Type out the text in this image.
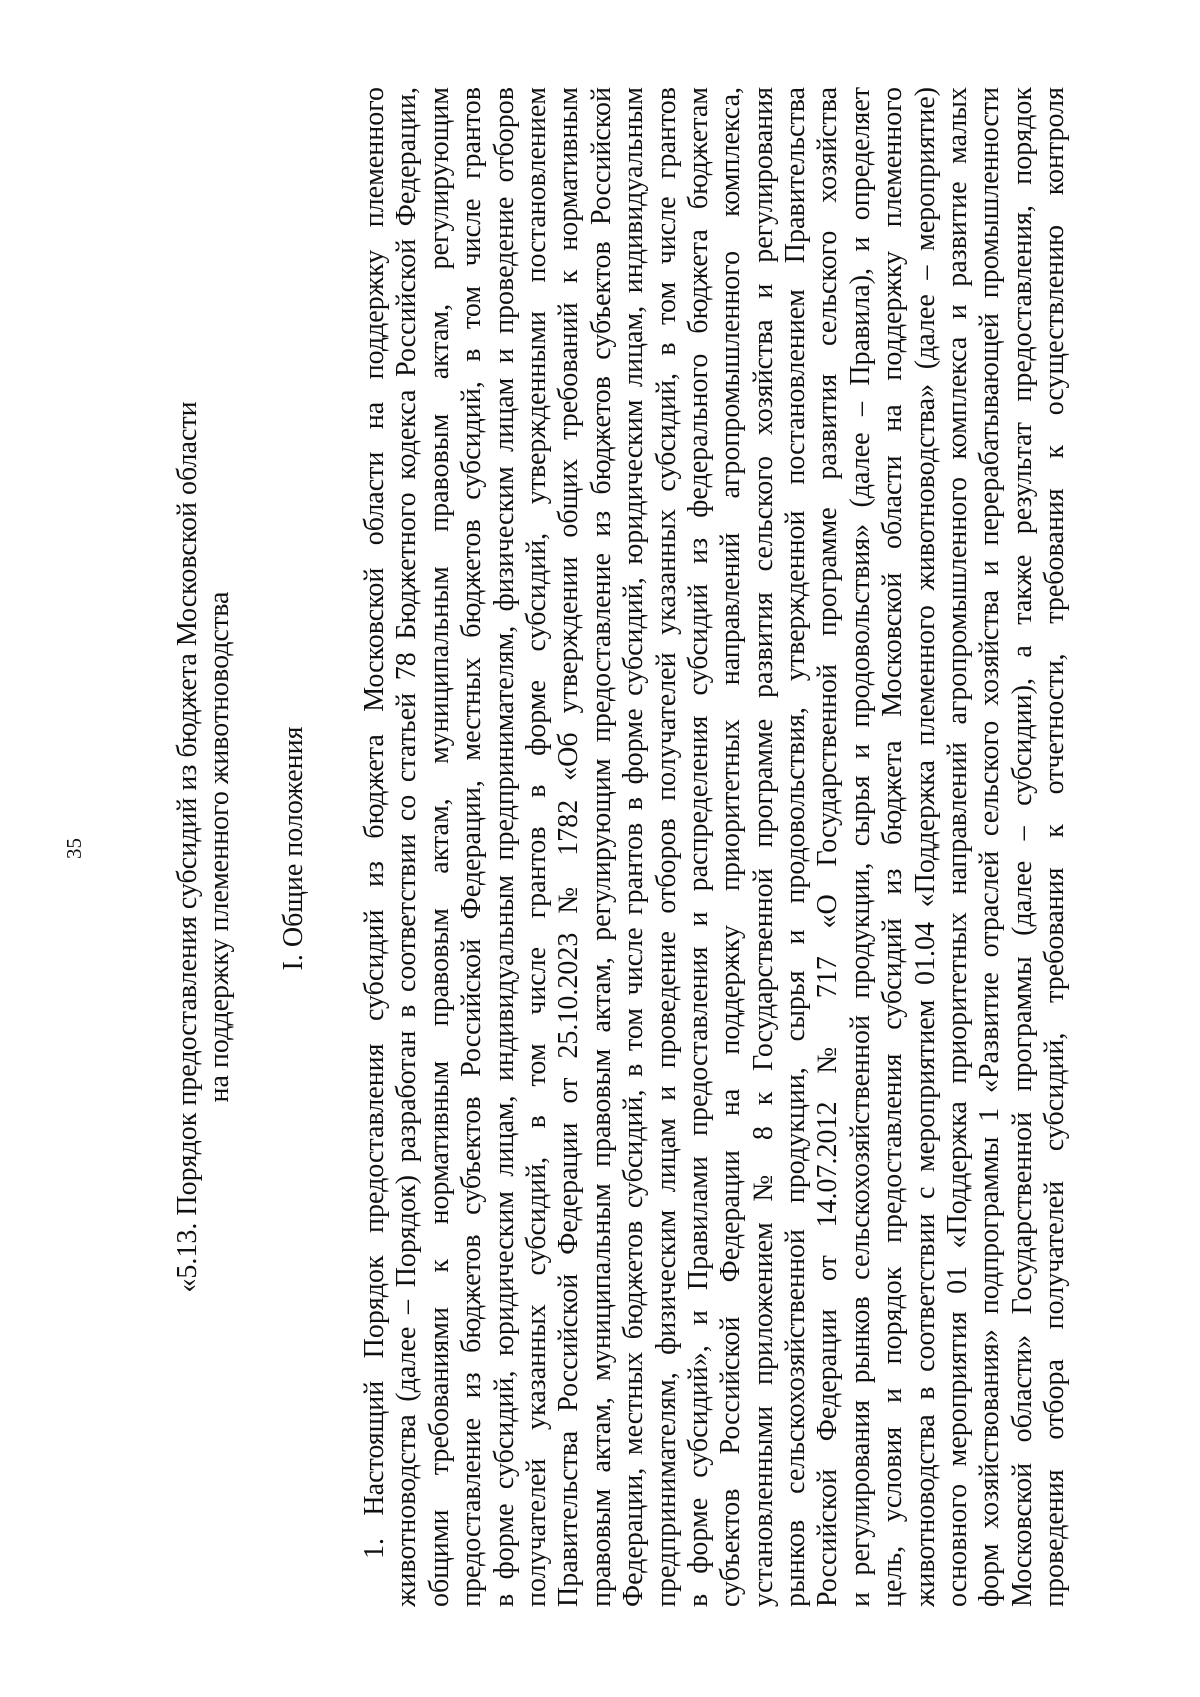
35	«5.13. Порядок предоставления субсидий из бюджета Московской области на поддержку племенного животноводства I. Общие положения 1. Настоящий Порядок предоставления субсидий из бюджета Московской области на поддержку племенного животноводства (далее – Порядок) разработан в соответствии со статьей 78 Бюджетного кодекса Российской Федерации, общими требованиями к нормативным правовым актам, муниципальным правовым актам, регулирующим предоставление из бюджетов субъектов Российской Федерации, местных бюджетов субсидий, в том числе грантов в форме субсидий, юридическим лицам, индивидуальным предпринимателям, физическим лицам и проведение отборов получателей указанных субсидий, в том числе грантов в форме субсидий, утвержденными постановлением Правительства Российской Федерации от 25.10.2023 № 1782 «Об утверждении общих требований к нормативным правовым актам, муниципальным правовым актам, регулирующим предоставление из бюджетов субъектов Российской Федерации, местных бюджетов субсидий, в том числе грантов в форме субсидий, юридическим лицам, индивидуальным предпринимателям, физическим лицам и проведение отборов получателей указанных субсидий, в том числе грантов в форме субсидий», и Правилами предоставления и распределения субсидий из федерального бюджета бюджетам субъектов Российской Федерации на поддержку приоритетных направлений агропромышленного комплекса, установленными приложением № 8 к Государственной программе развития сельского хозяйства и регулирования рынков сельскохозяйственной продукции, сырья и продовольствия, утвержденной постановлением Правительства Российской Федерации от 14.07.2012 № 717 «О Государственной программе развития сельского хозяйства и регулирования рынков сельскохозяйственной продукции, сырья и продовольствия» (далее – Правила), и определяет цель, условия и порядок предоставления субсидий из бюджета Московской области на поддержку племенного животноводства в соответствии с мероприятием 01.04 «Поддержка племенного животноводства» (далее – мероприятие) основного мероприятия 01 «Поддержка приоритетных направлений агропромышленного комплекса и развитие малых форм хозяйствования» подпрограммы 1 «Развитие отраслей сельского хозяйства и перерабатывающей промышленности Московской области» Государственной программы (далее – субсидии), а также результат предоставления, порядок проведения отбора получателей субсидий, требования к отчетности, требования к осуществлению контроля
